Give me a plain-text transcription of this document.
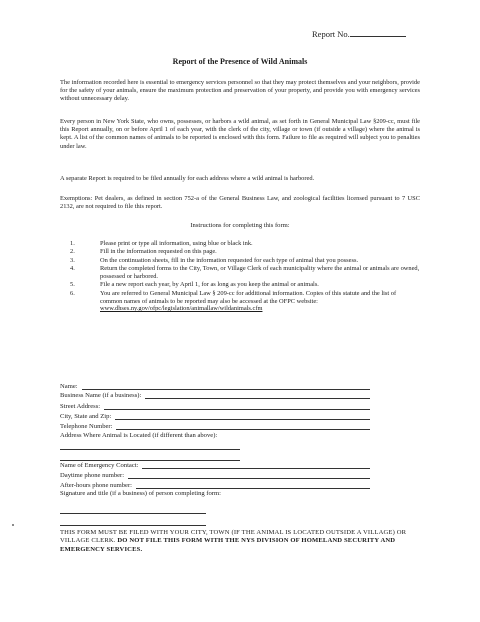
Report No.
Report of the Presence of Wild Animals
The information recorded here is essential to emergency services personnel so that they may protect themselves and your neighbors, provide for the safety of your animals, ensure the maximum protection and preservation of your property, and provide you with emergency services without unnecessary delay.
Every person in New York State, who owns, possesses, or harbors a wild animal, as set forth in General Municipal Law §209-cc, must file this Report annually, on or before April 1 of each year, with the clerk of the city, village or town (if outside a village) where the animal is kept. A list of the common names of animals to be reported is enclosed with this form. Failure to file as required will subject you to penalties under law.
A separate Report is required to be filed annually for each address where a wild animal is harbored.
Exemptions: Pet dealers, as defined in section 752-a of the General Business Law, and zoological facilities licensed pursuant to 7 USC 2132, are not required to file this report.
Instructions for completing this form:
1.	Please print or type all information, using blue or black ink.
2.	Fill in the information requested on this page.
3.	On the continuation sheets, fill in the information requested for each type of animal that you possess.
4.	Return the completed forms to the City, Town, or Village Clerk of each municipality where the animal or animals are owned, possessed or harbored.
5.	File a new report each year, by April 1, for as long as you keep the animal or animals.
6.	You are referred to General Municipal Law § 209-cc for additional information. Copies of this statute and the list of common names of animals to be reported may also be accessed at the OFPC website: www.dhses.ny.gov/ofpc/legislation/animallaw/wildanimals.cfm
Name:
Business Name (if a business):
Street Address:
City, State and Zip:
Telephone Number:
Address Where Animal is Located (if different than above):
Name of Emergency Contact:
Daytime phone number:
After-hours phone number:
Signature and title (if a business) of person completing form:
THIS FORM MUST BE FILED WITH YOUR CITY, TOWN (IF THE ANIMAL IS LOCATED OUTSIDE A VILLAGE) OR VILLAGE CLERK. DO NOT FILE THIS FORM WITH THE NYS DIVISION OF HOMELAND SECURITY AND EMERGENCY SERVICES.
